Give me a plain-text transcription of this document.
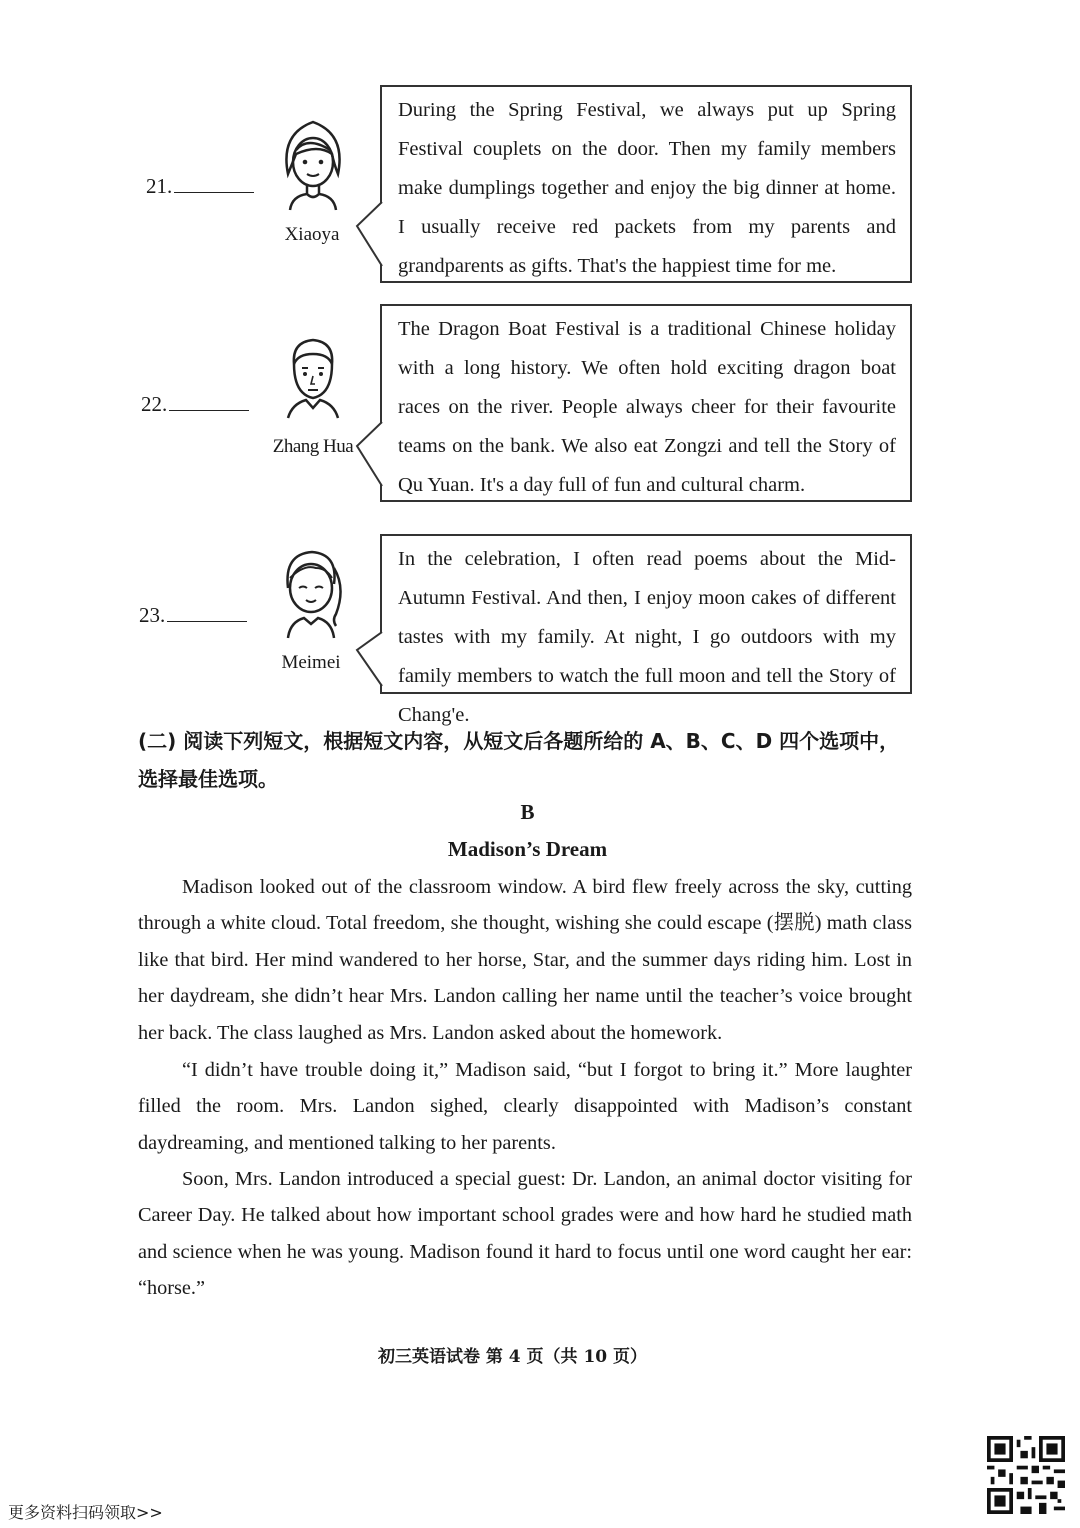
21.
Xiaoya
During the Spring Festival, we always put up Spring Festival couplets on the door. Then my family members make dumplings together and enjoy the big dinner at home. I usually receive red packets from my parents and grandparents as gifts. That's the happiest time for me.
22.
Zhang Hua
The Dragon Boat Festival is a traditional Chinese holiday with a long history. We often hold exciting dragon boat races on the river. People always cheer for their favourite teams on the bank. We also eat Zongzi and tell the Story of Qu Yuan. It's a day full of fun and cultural charm.
23.
Meimei
In the celebration, I often read poems about the Mid-Autumn Festival. And then, I enjoy moon cakes of different tastes with my family. At night, I go outdoors with my family members to watch the full moon and tell the Story of Chang'e.
(二) 阅读下列短文，根据短文内容，从短文后各题所给的 A、B、C、D 四个选项中，选择最佳选项。
B
Madison’s Dream
Madison looked out of the classroom window. A bird flew freely across the sky, cutting through a white cloud. Total freedom, she thought, wishing she could escape (摆脱) math class like that bird. Her mind wandered to her horse, Star, and the summer days riding him. Lost in her daydream, she didn’t hear Mrs. Landon calling her name until the teacher’s voice brought her back. The class laughed as Mrs. Landon asked about the homework.
“I didn’t have trouble doing it,” Madison said, “but I forgot to bring it.” More laughter filled the room. Mrs. Landon sighed, clearly disappointed with Madison’s constant daydreaming, and mentioned talking to her parents.
Soon, Mrs. Landon introduced a special guest: Dr. Landon, an animal doctor visiting for Career Day. He talked about how important school grades were and how hard he studied math and science when he was young. Madison found it hard to focus until one word caught her ear: “horse.”
初三英语试卷 第 4 页（共 10 页）
更多资料扫码领取>>
